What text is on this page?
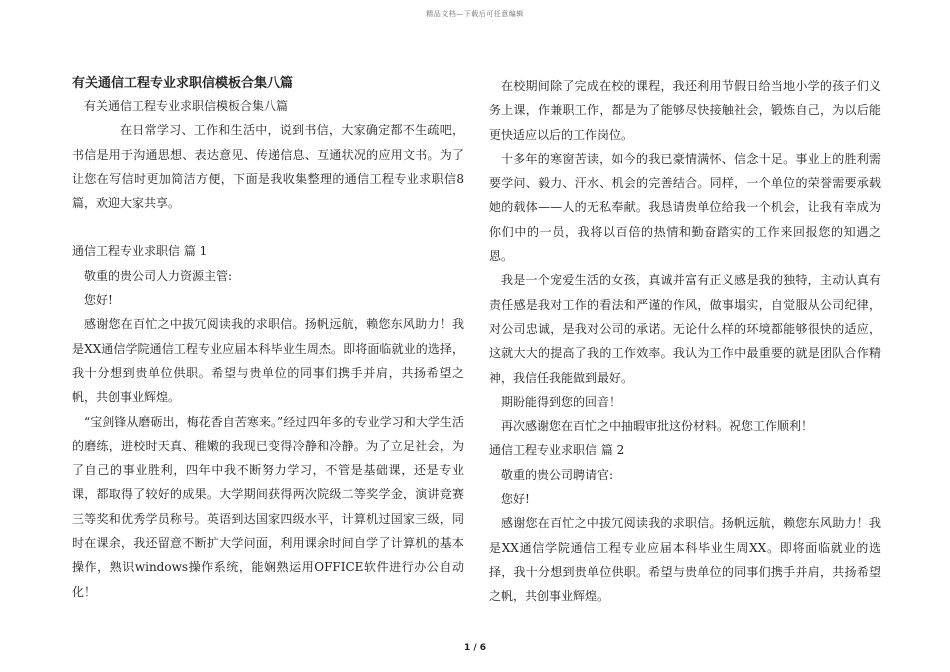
精品文档—下载后可任意编辑

有关通信工程专业求职信模板合集八篇

有关通信工程专业求职信模板合集八篇

在日常学习、工作和生活中，说到书信，大家确定都不生疏吧，书信是用于沟通思想、表达意见、传递信息、互通状况的应用文书。为了让您在写信时更加简洁方便，下面是我收集整理的通信工程专业求职信8篇，欢迎大家共享。

通信工程专业求职信 篇 1

敬重的贵公司人力资源主管:

您好!

感谢您在百忙之中拔冗阅读我的求职信。扬帆远航，赖您东风助力！我是XX通信学院通信工程专业应届本科毕业生周杰。即将面临就业的选择，我十分想到贵单位供职。希望与贵单位的同事们携手并肩，共扬希望之帆，共创事业辉煌。

“宝剑锋从磨砺出，梅花香自苦寒来。”经过四年多的专业学习和大学生活的磨练，进校时天真、稚嫩的我现已变得冷静和冷静。为了立足社会，为了自己的事业胜利，四年中我不断努力学习，不管是基础课，还是专业课，都取得了较好的成果。大学期间获得两次院级二等奖学金，演讲竞赛三等奖和优秀学员称号。英语到达国家四级水平，计算机过国家三级，同时在课余，我还留意不断扩大学问面，利用课余时间自学了计算机的基本操作，熟识windows操作系统，能娴熟运用OFFICE软件进行办公自动化！

在校期间除了完成在校的课程，我还利用节假日给当地小学的孩子们义务上课，作兼职工作，都是为了能够尽快接触社会，锻炼自己，为以后能更快适应以后的工作岗位。

十多年的寒窗苦读，如今的我已豪情满怀、信念十足。事业上的胜利需要学问、毅力、汗水、机会的完善结合。同样，一个单位的荣誉需要承载她的载体——人的无私奉献。我恳请贵单位给我一个机会，让我有幸成为你们中的一员，我将以百倍的热情和勤奋踏实的工作来回报您的知遇之恩。

我是一个宠爱生活的女孩，真诚并富有正义感是我的独特，主动认真有责任感是我对工作的看法和严谨的作风，做事塌实，自觉服从公司纪律，对公司忠诚，是我对公司的承诺。无论什么样的环境都能够很快的适应，这就大大的提高了我的工作效率。我认为工作中最重要的就是团队合作精神，我信任我能做到最好。

期盼能得到您的回音！

再次感谢您在百忙之中抽暇审批这份材料。祝您工作顺利！

通信工程专业求职信 篇 2

敬重的贵公司聘请官:

您好!

感谢您在百忙之中拔冗阅读我的求职信。扬帆远航，赖您东风助力！我是XX通信学院通信工程专业应届本科毕业生周XX。即将面临就业的选择，我十分想到贵单位供职。希望与贵单位的同事们携手并肩，共扬希望之帆，共创事业辉煌。

1 / 6
